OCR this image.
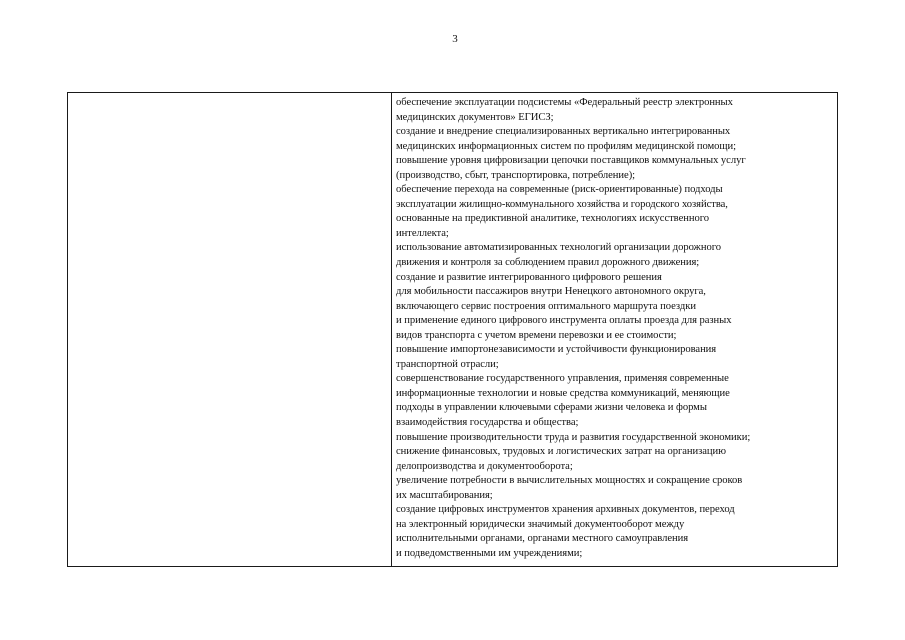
3
обеспечение эксплуатации подсистемы «Федеральный реестр электронных
медицинских документов» ЕГИСЗ;
создание и внедрение специализированных вертикально интегрированных
медицинских информационных систем по профилям медицинской помощи;
повышение уровня цифровизации цепочки поставщиков коммунальных услуг
(производство, сбыт, транспортировка, потребление);
обеспечение перехода на современные (риск-ориентированные) подходы
эксплуатации жилищно-коммунального хозяйства и городского хозяйства,
основанные на предиктивной аналитике, технологиях искусственного
интеллекта;
использование автоматизированных технологий организации дорожного
движения и контроля за соблюдением правил дорожного движения;
создание и развитие интегрированного цифрового решения
для мобильности пассажиров внутри Ненецкого автономного округа,
включающего сервис построения оптимального маршрута поездки
и применение единого цифрового инструмента оплаты проезда для разных
видов транспорта с учетом времени перевозки и ее стоимости;
повышение импортонезависимости и устойчивости функционирования
транспортной отрасли;
совершенствование государственного управления, применяя современные
информационные технологии и новые средства коммуникаций, меняющие
подходы в управлении ключевыми сферами жизни человека и формы
взаимодействия государства и общества;
повышение производительности труда и развития государственной экономики;
снижение финансовых, трудовых и логистических затрат на организацию
делопроизводства и документооборота;
увеличение потребности в вычислительных мощностях и сокращение сроков
их масштабирования;
создание цифровых инструментов хранения архивных документов, переход
на электронный юридически значимый документооборот между
исполнительными органами, органами местного самоуправления
и подведомственными им учреждениями;
